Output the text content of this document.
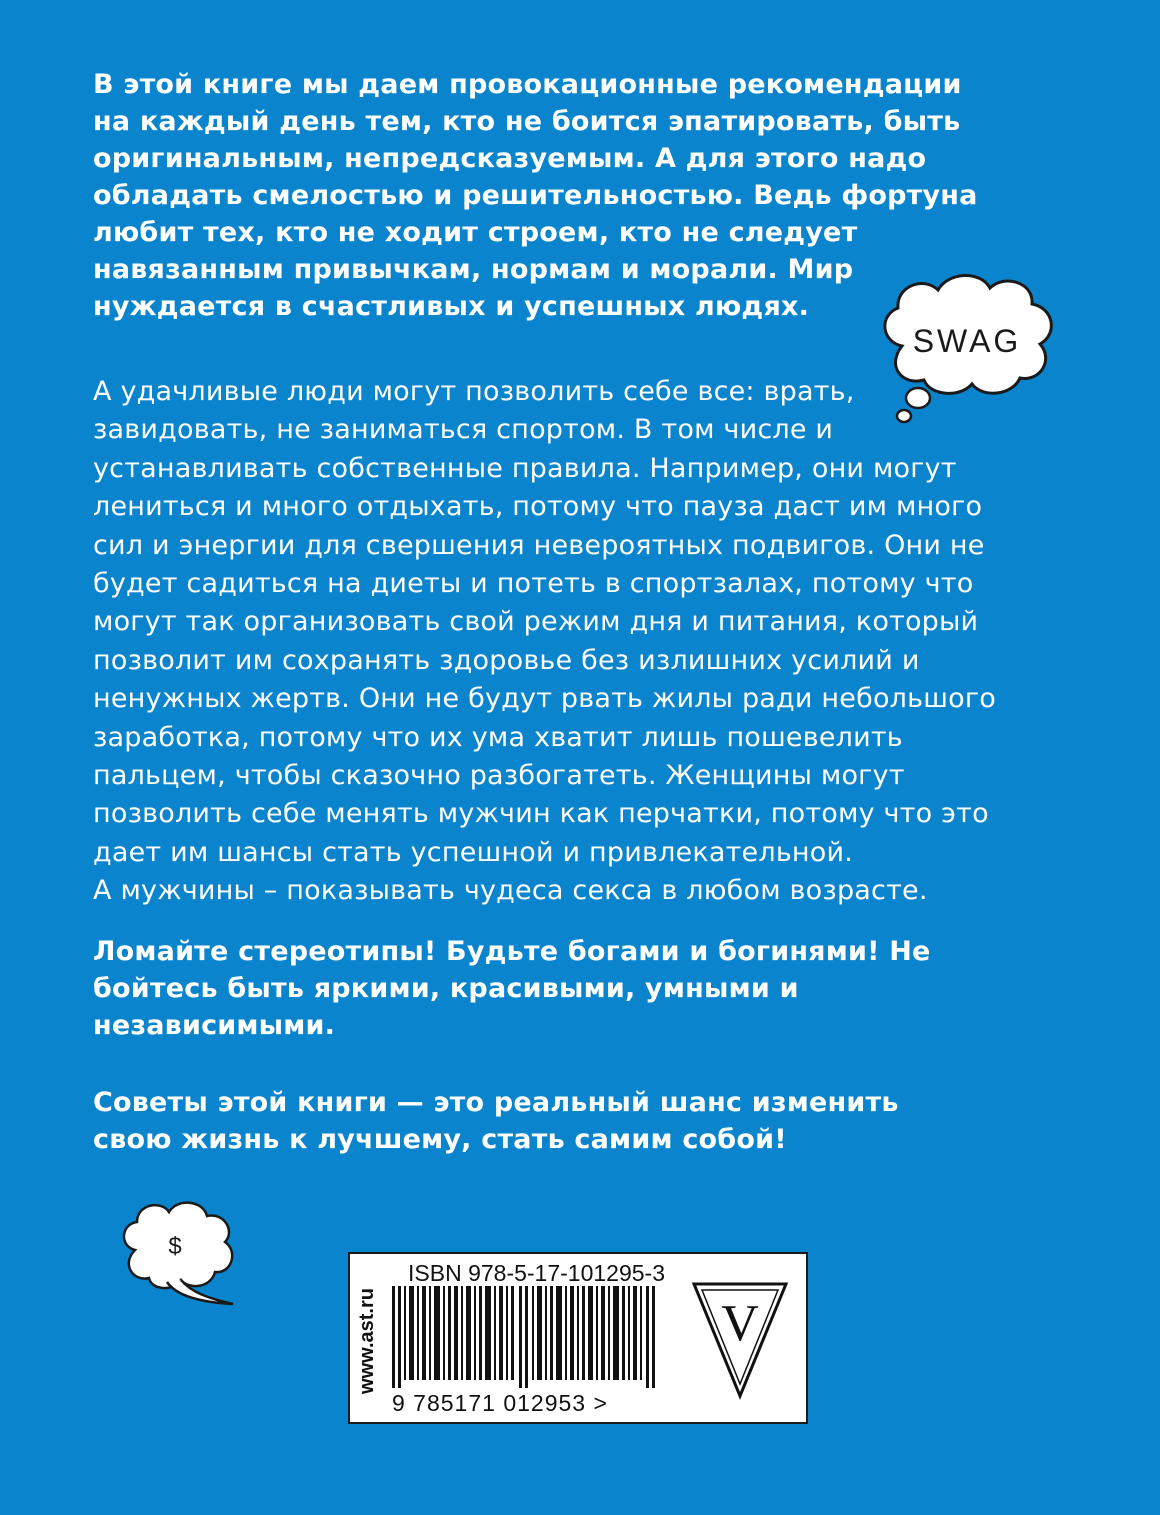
В этой книге мы даем провокационные рекомендации
на каждый день тем, кто не боится эпатировать, быть
оригинальным, непредсказуемым. А для этого надо
обладать смелостью и решительностью. Ведь фортуна
любит тех, кто не ходит строем, кто не следует
навязанным привычкам, нормам и морали. Мир
нуждается в счастливых и успешных людях.
А удачливые люди могут позволить себе все: врать,
завидовать, не заниматься спортом. В том числе и
устанавливать собственные правила. Например, они могут
лениться и много отдыхать, потому что пауза даст им много
сил и энергии для свершения невероятных подвигов. Они не
будет садиться на диеты и потеть в спортзалах, потому что
могут так организовать свой режим дня и питания, который
позволит им сохранять здоровье без излишних усилий и
ненужных жертв. Они не будут рвать жилы ради небольшого
заработка, потому что их ума хватит лишь пошевелить
пальцем, чтобы сказочно разбогатеть. Женщины могут
позволить себе менять мужчин как перчатки, потому что это
дает им шансы стать успешной и привлекательной.
А мужчины – показывать чудеса секса в любом возрасте.
Ломайте стереотипы! Будьте богами и богинями! Не
бойтесь быть яркими, красивыми, умными и
независимыми.
Советы этой книги — это реальный шанс изменить
свою жизнь к лучшему, стать самим собой!
SWAG
$
www.ast.ru
ISBN 978-5-17-101295-3
9 785171 012953 >
V
